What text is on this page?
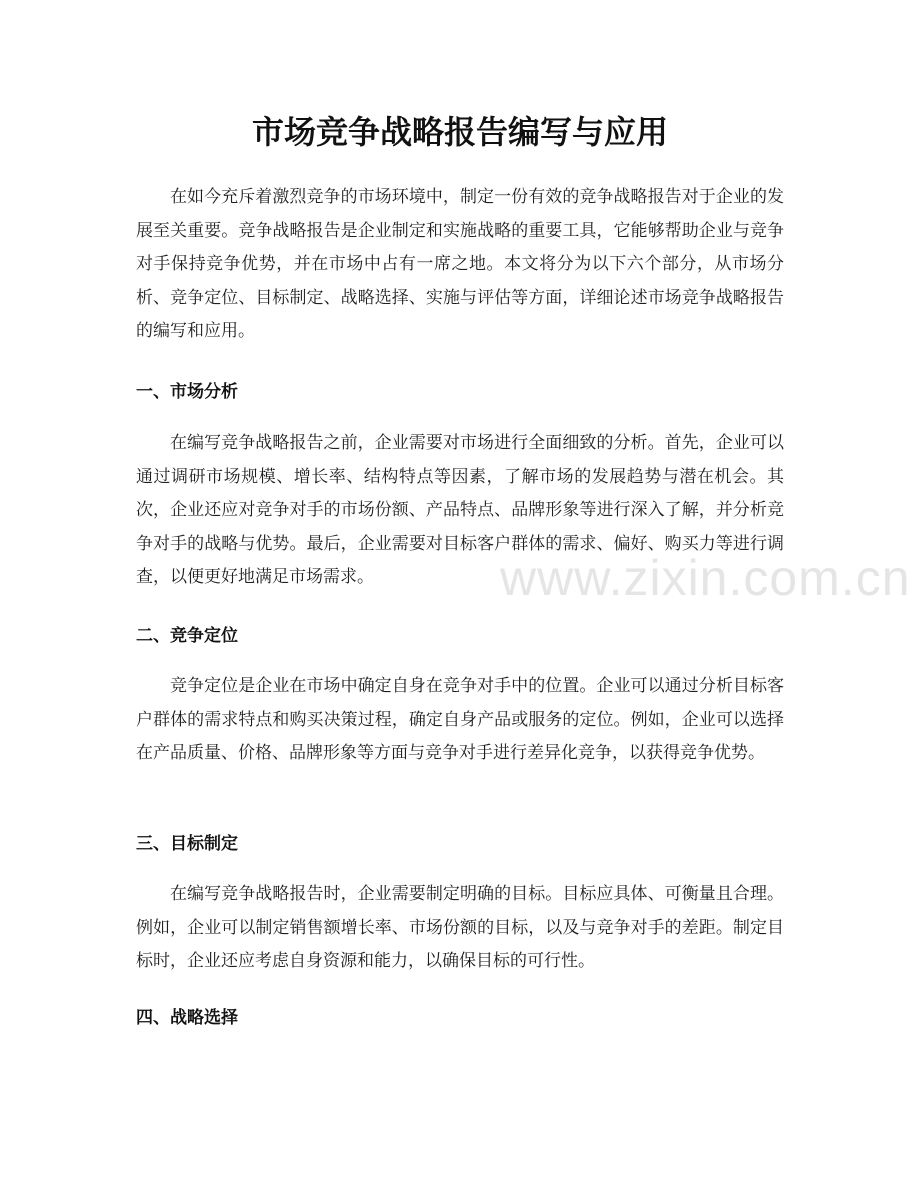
市场竞争战略报告编写与应用

在如今充斥着激烈竞争的市场环境中，制定一份有效的竞争战略报告对于企业的发展至关重要。竞争战略报告是企业制定和实施战略的重要工具，它能够帮助企业与竞争对手保持竞争优势，并在市场中占有一席之地。本文将分为以下六个部分，从市场分析、竞争定位、目标制定、战略选择、实施与评估等方面，详细论述市场竞争战略报告的编写和应用。

一、市场分析

在编写竞争战略报告之前，企业需要对市场进行全面细致的分析。首先，企业可以通过调研市场规模、增长率、结构特点等因素，了解市场的发展趋势与潜在机会。其次，企业还应对竞争对手的市场份额、产品特点、品牌形象等进行深入了解，并分析竞争对手的战略与优势。最后，企业需要对目标客户群体的需求、偏好、购买力等进行调查，以便更好地满足市场需求。

二、竞争定位

竞争定位是企业在市场中确定自身在竞争对手中的位置。企业可以通过分析目标客户群体的需求特点和购买决策过程，确定自身产品或服务的定位。例如，企业可以选择在产品质量、价格、品牌形象等方面与竞争对手进行差异化竞争，以获得竞争优势。

三、目标制定

在编写竞争战略报告时，企业需要制定明确的目标。目标应具体、可衡量且合理。例如，企业可以制定销售额增长率、市场份额的目标，以及与竞争对手的差距。制定目标时，企业还应考虑自身资源和能力，以确保目标的可行性。

四、战略选择
www.zixin.com.cn
